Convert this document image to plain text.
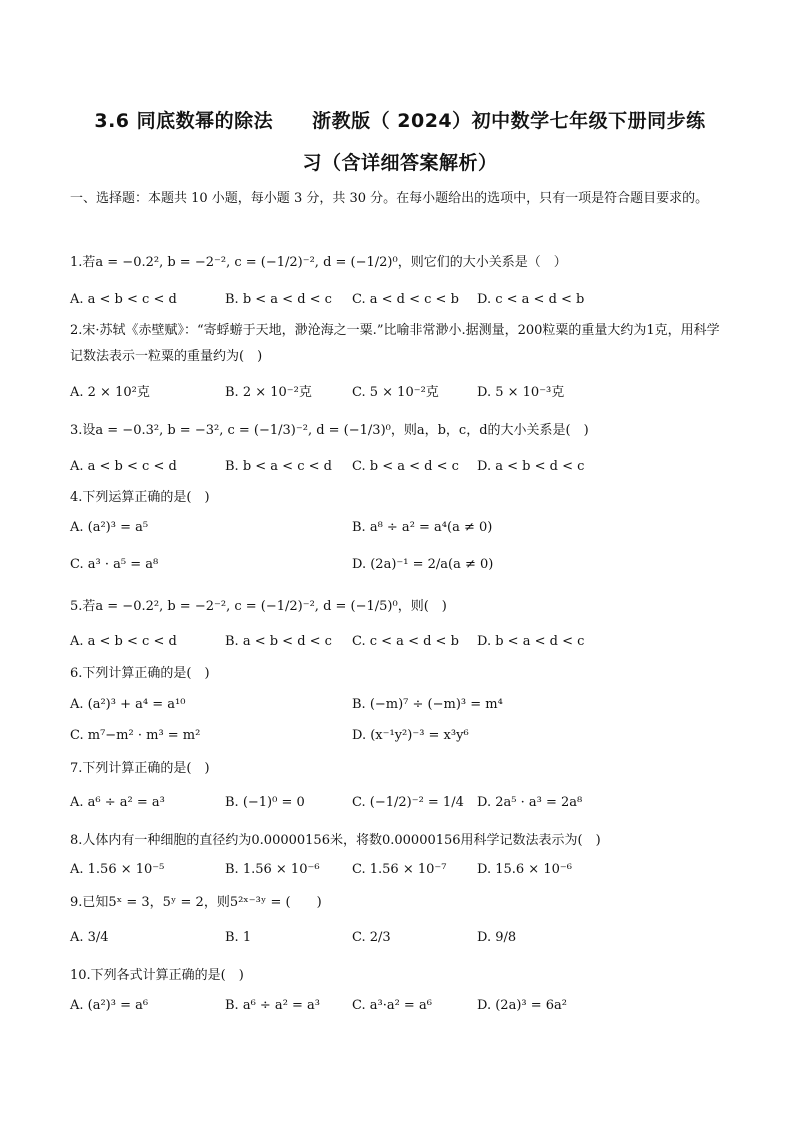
3.6 同底数幂的除法　　浙教版（ 2024）初中数学七年级下册同步练
习（含详细答案解析）
一、选择题：本题共 10 小题，每小题 3 分，共 30 分。在每小题给出的选项中，只有一项是符合题目要求的。
1.若a = −0.2², b = −2⁻², c = (−1/2)⁻², d = (−1/2)⁰，则它们的大小关系是（　）
A. a < b < c < d	B. b < a < d < c C. a < d < c < b D. c < a < d < b
2.宋·苏轼《赤壁赋》：“寄蜉蝣于天地，渺沧海之一粟.”比喻非常渺小.据测量，200粒粟的重量大约为1克，用科学记数法表示一粒粟的重量约为(　)
A. 2 × 10²克	B. 2 × 10⁻²克	C. 5 × 10⁻²克	D. 5 × 10⁻³克
3.设a = −0.3², b = −3², c = (−1/3)⁻², d = (−1/3)⁰，则a，b，c，d的大小关系是(　)
A. a < b < c < d	B. b < a < c < d C. b < a < d < c D. a < b < d < c
4.下列运算正确的是(　)
A. (a²)³ = a⁵	B. a⁸ ÷ a² = a⁴(a ≠ 0)
C. a³ · a⁵ = a⁸	D. (2a)⁻¹ = 2/a(a ≠ 0)
5.若a = −0.2², b = −2⁻², c = (−1/2)⁻², d = (−1/5)⁰，则(　)
A. a < b < c < d	B. a < b < d < c C. c < a < d < b D. b < a < d < c
6.下列计算正确的是(　)
A. (a²)³ + a⁴ = a¹⁰	B. (−m)⁷ ÷ (−m)³ = m⁴
C. m⁷−m² · m³ = m²	D. (x⁻¹y²)⁻³ = x³y⁶
7.下列计算正确的是(　)
A. a⁶ ÷ a² = a³	B. (−1)⁰ = 0	C. (−1/2)⁻² = 1/4 D. 2a⁵ · a³ = 2a⁸
8.人体内有一种细胞的直径约为0.00000156米，将数0.00000156用科学记数法表示为(　)
A. 1.56 × 10⁻⁵	B. 1.56 × 10⁻⁶ C. 1.56 × 10⁻⁷ D. 15.6 × 10⁻⁶
9.已知5ˣ = 3，5ʸ = 2，则5²ˣ⁻³ʸ = (　　)
A. 3/4	B. 1	C. 2/3	D. 9/8
10.下列各式计算正确的是(　)
A. (a²)³ = a⁶	B. a⁶ ÷ a² = a³ C. a³·a² = a⁶	D. (2a)³ = 6a²
